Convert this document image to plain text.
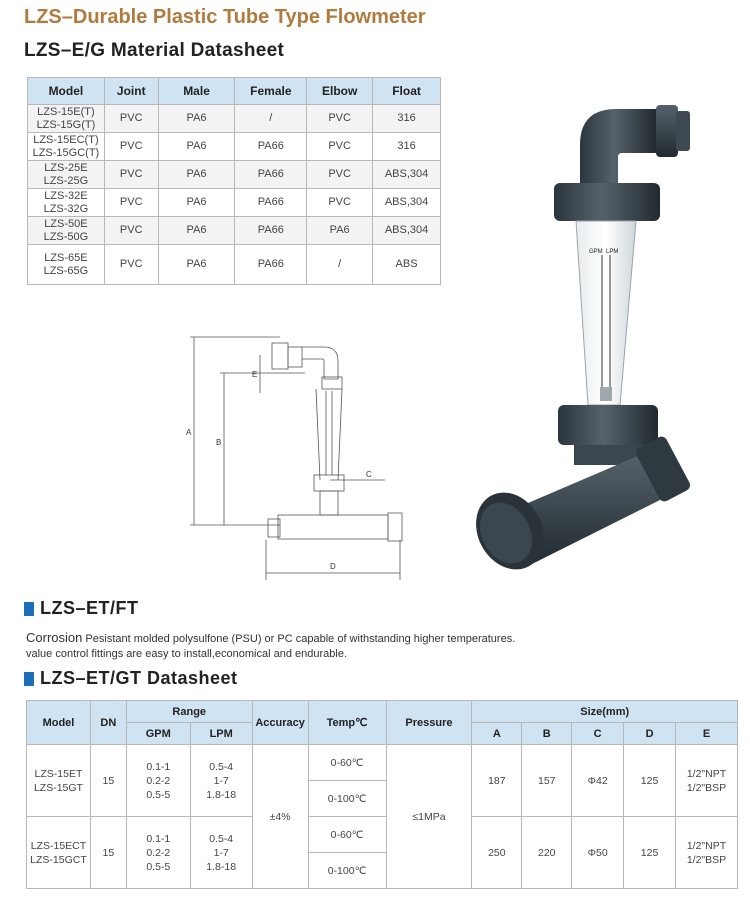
LZS–Durable Plastic Tube Type Flowmeter
LZS–E/G Material Datasheet
Model	Joint	Male	Female	Elbow	Float
LZS-15E(T)
LZS-15G(T)	PVC	PA6	/	PVC	316
LZS-15EC(T)
LZS-15GC(T)	PVC	PA6	PA66	PVC	316
LZS-25E
LZS-25G	PVC	PA6	PA66	PVC	ABS,304
LZS-32E
LZS-32G	PVC	PA6	PA66	PVC	ABS,304
LZS-50E
LZS-50G	PVC	PA6	PA66	PA6	ABS,304
LZS-65E
LZS-65G	PVC	PA6	PA66	/	ABS
A
B
C
D
E
GPM LPM
LZS–ET/FT
Corrosion Pesistant molded polysulfone (PSU) or PC capable of withstanding higher temperatures.
value control fittings are easy to install,economical and endurable.
LZS–ET/GT Datasheet
Model	DN	Range		Accuracy	Temp℃	Pressure	Size(mm)				
		GPM	LPM				A	B	C	D	E
LZS-15ET
LZS-15GT	15	0.1-1
0.2-2
0.5-5	0.5-4
1-7
1.8-18	±4%	0-60℃	≤1MPa	187	157	Φ42	125	1/2"NPT
1/2"BSP
					0-100℃						
LZS-15ECT
LZS-15GCT	15	0.1-1
0.2-2
0.5-5	0.5-4
1-7
1.8-18		0-60℃		250	220	Φ50	125	1/2"NPT
1/2"BSP
					0-100℃						
